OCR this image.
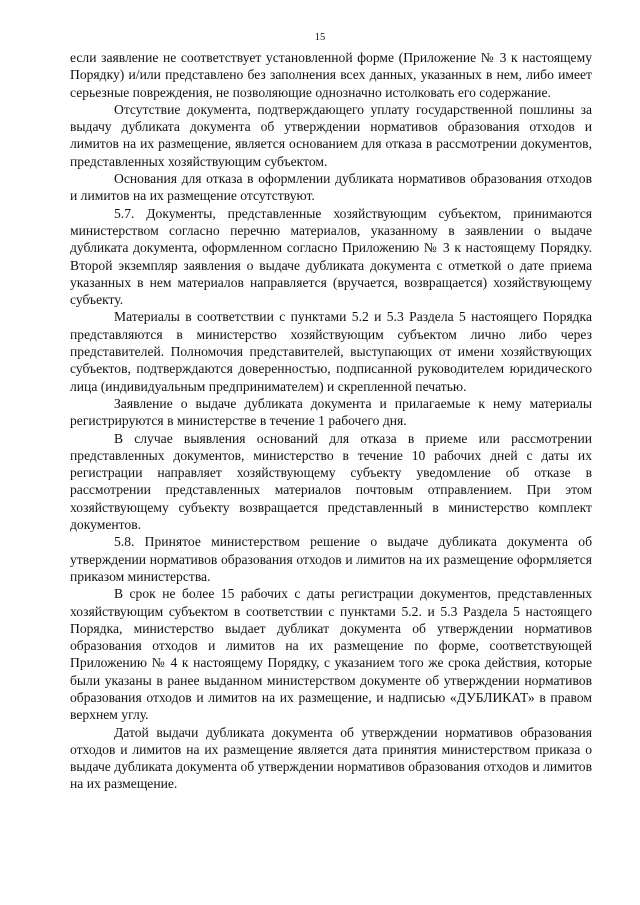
15

если заявление не соответствует установленной форме (Приложение № 3 к настоящему Порядку) и/или представлено без заполнения всех данных, указанных в нем, либо имеет серьезные повреждения, не позволяющие однозначно истолковать его содержание.

Отсутствие документа, подтверждающего уплату государственной пошлины за выдачу дубликата документа об утверждении нормативов образования отходов и лимитов на их размещение, является основанием для отказа в рассмотрении документов, представленных хозяйствующим субъектом.

Основания для отказа в оформлении дубликата нормативов образования отходов и лимитов на их размещение отсутствуют.

5.7. Документы, представленные хозяйствующим субъектом, принимаются министерством согласно перечню материалов, указанному в заявлении о выдаче дубликата документа, оформленном согласно Приложению № 3 к настоящему Порядку. Второй экземпляр заявления о выдаче дубликата документа с отметкой о дате приема указанных в нем материалов направляется (вручается, возвращается) хозяйствующему субъекту.

Материалы в соответствии с пунктами 5.2 и 5.3 Раздела 5 настоящего Порядка представляются в министерство хозяйствующим субъектом лично либо через представителей. Полномочия представителей, выступающих от имени хозяйствующих субъектов, подтверждаются доверенностью, подписанной руководителем юридического лица (индивидуальным предпринимателем) и скрепленной печатью.

Заявление о выдаче дубликата документа и прилагаемые к нему материалы регистрируются в министерстве в течение 1 рабочего дня.

В случае выявления оснований для отказа в приеме или рассмотрении представленных документов, министерство в течение 10 рабочих дней с даты их регистрации направляет хозяйствующему субъекту уведомление об отказе в рассмотрении представленных материалов почтовым отправлением. При этом хозяйствующему субъекту возвращается представленный в министерство комплект документов.

5.8. Принятое министерством решение о выдаче дубликата документа об утверждении нормативов образования отходов и лимитов на их размещение оформляется приказом министерства.

В срок не более 15 рабочих с даты регистрации документов, представленных хозяйствующим субъектом в соответствии с пунктами 5.2. и 5.3 Раздела 5 настоящего Порядка, министерство выдает дубликат документа об утверждении нормативов образования отходов и лимитов на их размещение по форме, соответствующей Приложению № 4 к настоящему Порядку, с указанием того же срока действия, которые были указаны в ранее выданном министерством документе об утверждении нормативов образования отходов и лимитов на их размещение, и надписью «ДУБЛИКАТ» в правом верхнем углу.

Датой выдачи дубликата документа об утверждении нормативов образования отходов и лимитов на их размещение является дата принятия министерством приказа о выдаче дубликата документа об утверждении нормативов образования отходов и лимитов на их размещение.
